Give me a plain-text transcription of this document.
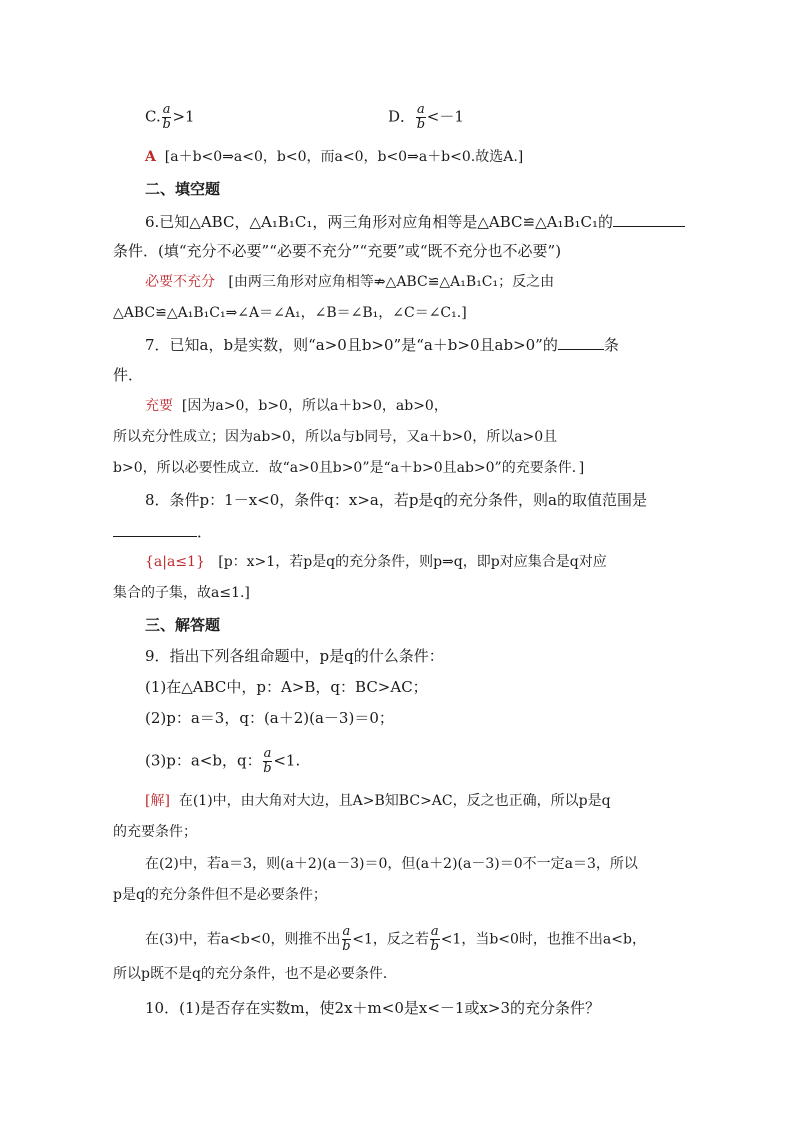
C. $\frac{a}{b} >1$	D． $\frac{a}{b} <-1$
A [a＋b<0⇒a<0，b<0，而a<0，b<0⇒a＋b<0.故选A.]
二、填空题
6.已知△ABC，△A₁B₁C₁，两三角形对应角相等是△ABC≌△A₁B₁C₁的
条件．(填“充分不必要”“必要不充分”“充要”或“既不充分也不必要”)
必要不充分 [由两三角形对应角相等⇏△ABC≌△A₁B₁C₁；反之由
△ABC≌△A₁B₁C₁⇒∠A＝∠A₁，∠B＝∠B₁，∠C＝∠C₁.]
7．已知a，b是实数，则“a>0且b>0”是“a＋b>0且ab>0”的	条
件．
充要 [因为a>0，b>0，所以a＋b>0，ab>0，
所以充分性成立；因为ab>0，所以a与b同号，又a＋b>0，所以a>0且
b>0，所以必要性成立．故“a>0且b>0”是“a＋b>0且ab>0”的充要条件．]
8．条件p：1－x<0，条件q：x>a，若p是q的充分条件，则a的取值范围是
．
{a|a≤1} [p：x>1，若p是q的充分条件，则p⇒q，即p对应集合是q对应
集合的子集，故a≤1.]
三、解答题
9．指出下列各组命题中，p是q的什么条件：
(1)在△ABC中，p：A>B，q：BC>AC；
(2)p：a＝3，q：(a＋2)(a－3)＝0；
(3)p：a<b，q： $\frac{a}{b} <1$.
[解] 在(1)中，由大角对大边，且A>B知BC>AC，反之也正确，所以p是q
的充要条件；
在(2)中，若a＝3，则(a＋2)(a－3)＝0，但(a＋2)(a－3)＝0不一定a＝3，所以
p是q的充分条件但不是必要条件；
在(3)中，若a<b<0，则推不出 $\frac{a}{b} <1$，反之若 $\frac{a}{b} <1$，当b<0时，也推不出a<b，
所以p既不是q的充分条件，也不是必要条件．
10．(1)是否存在实数m，使2x＋m<0是x<－1或x>3的充分条件？
